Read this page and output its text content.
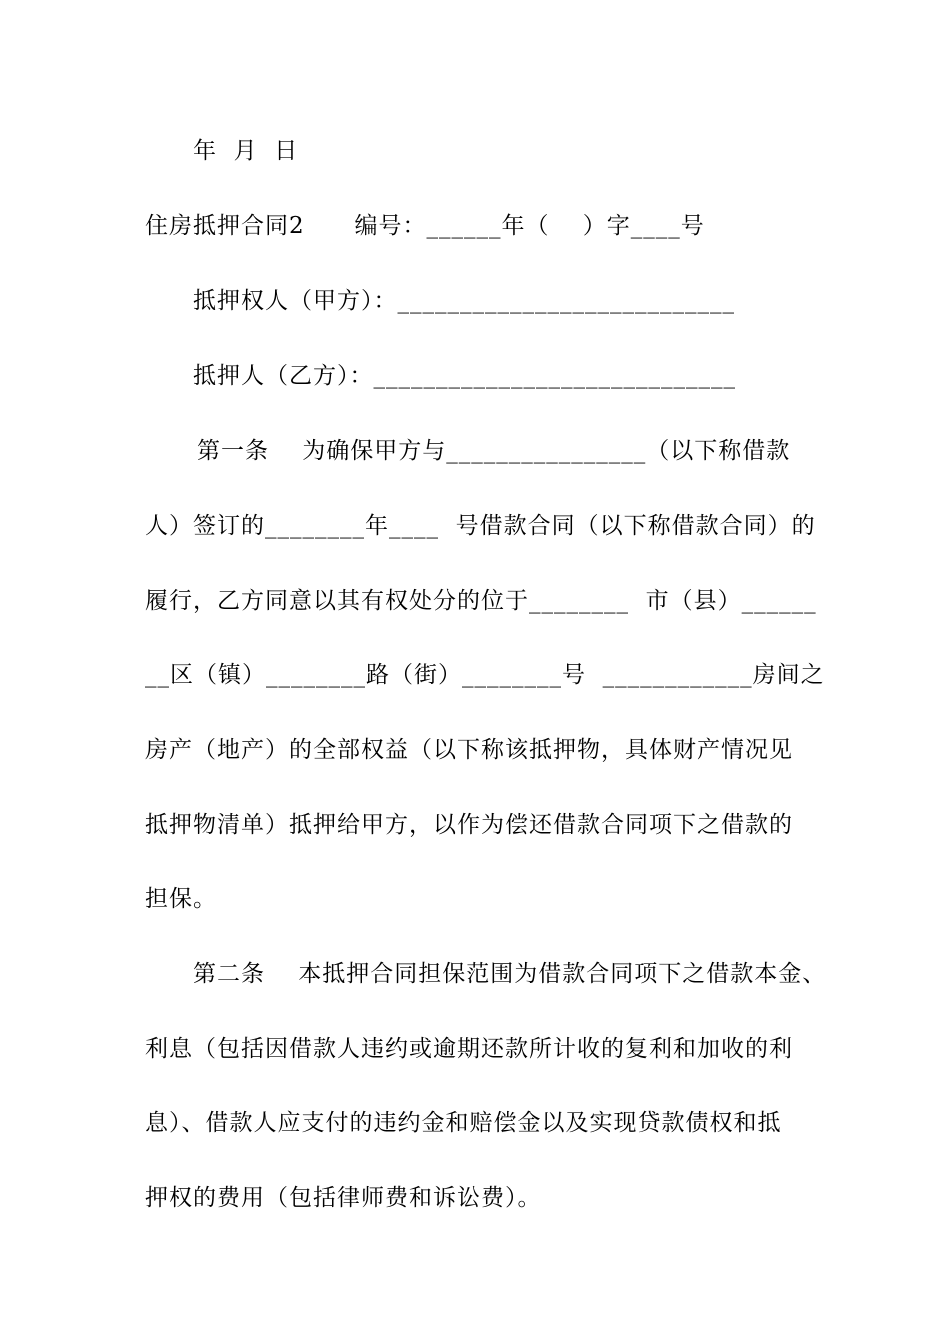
年  月  日
住房抵押合同2      编号：______年（    ）字____号
抵押权人（甲方）：___________________________
抵押人（乙方）：_____________________________
第一条    为确保甲方与________________（以下称借款
人）签订的________年____  号借款合同（以下称借款合同）的
履行，乙方同意以其有权处分的位于________  市（县）______
__区（镇）________路（街）________号  ____________房间之
房产（地产）的全部权益（以下称该抵押物，具体财产情况见
抵押物清单）抵押给甲方，以作为偿还借款合同项下之借款的
担保。
第二条    本抵押合同担保范围为借款合同项下之借款本金、
利息（包括因借款人违约或逾期还款所计收的复利和加收的利
息）、借款人应支付的违约金和赔偿金以及实现贷款债权和抵
押权的费用（包括律师费和诉讼费）。
